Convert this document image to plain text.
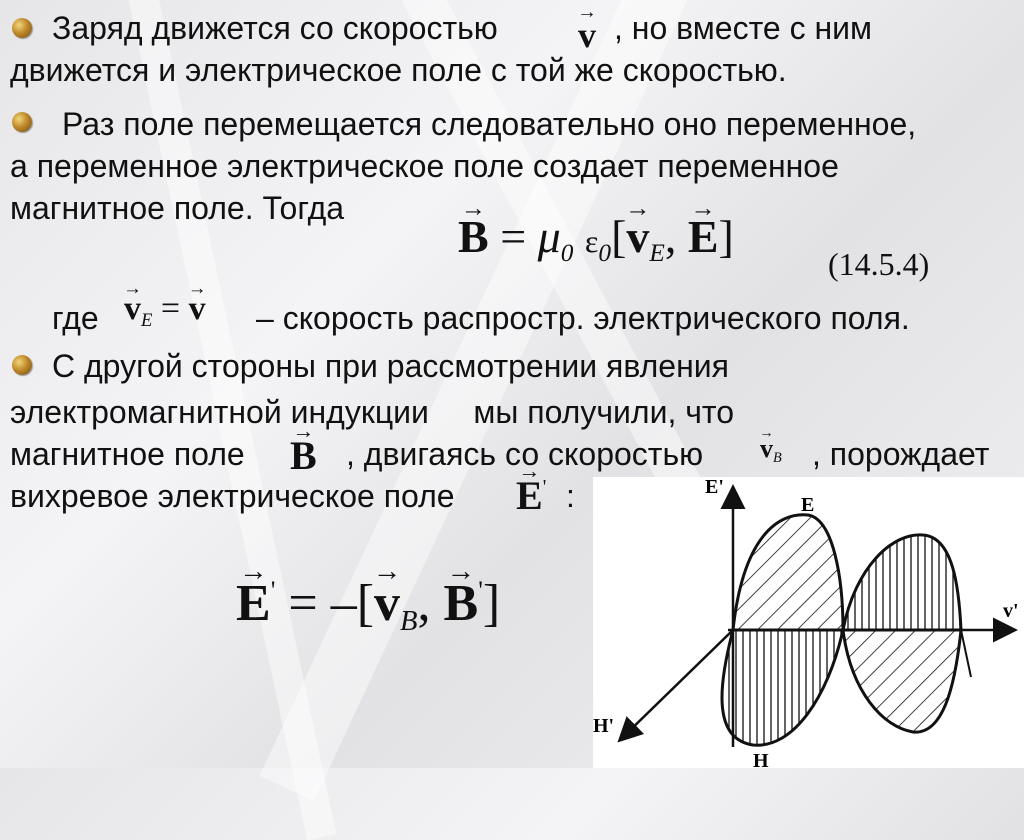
Заряд движется со скоростью → v , но вместе с ним
движется и электрическое поле с той же скоростью.
Раз поле перемещается следовательно оно переменное,
а переменное электрическое поле создает переменное
магнитное поле. Тогда
→ B = μ0 ε0[→ vE, → E]
(14.5.4)
где → vE = → v – скорость распростр. электрического поля.
С другой стороны при рассмотрении явления
электромагнитной индукции     мы получили, что
магнитное поле → B , двигаясь со скоростью → vB , порождает
вихревое электрическое поле → E' :
→ E' = –[→ vB, → B']
E'
E
v'
H'
H
